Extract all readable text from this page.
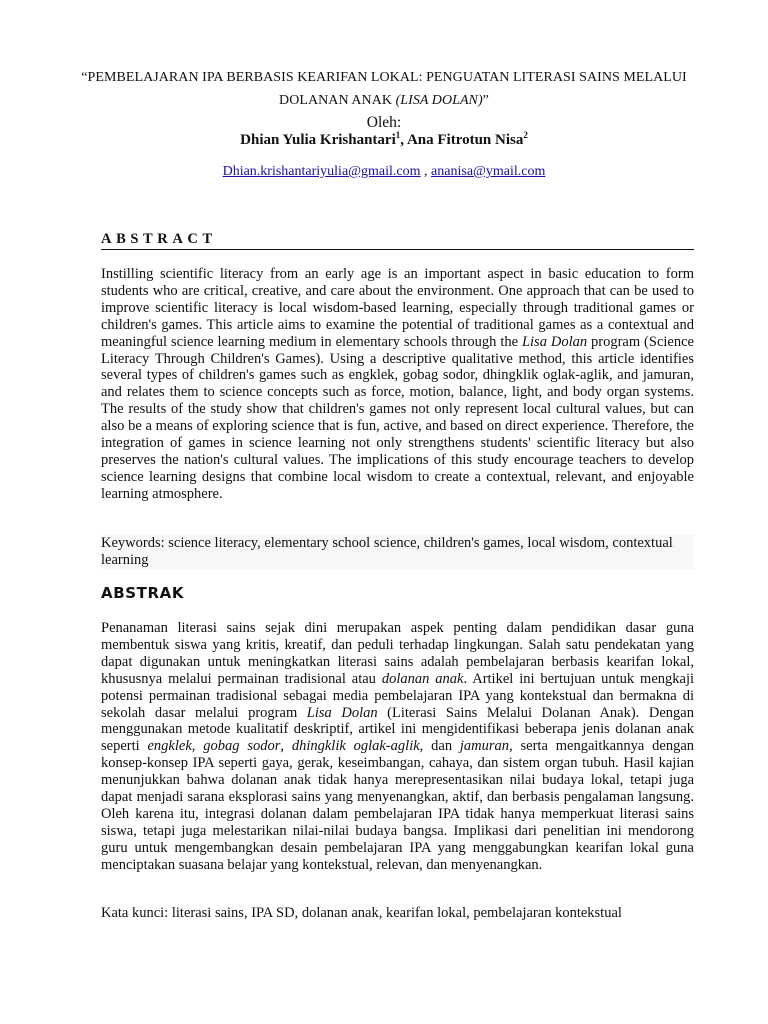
“PEMBELAJARAN IPA BERBASIS KEARIFAN LOKAL: PENGUATAN LITERASI SAINS MELALUI
DOLANAN ANAK (LISA DOLAN)”
Oleh:
Dhian Yulia Krishantari$^1$, Ana Fitrotun Nisa$^2$
Dhian.krishantariyulia@gmail.com , ananisa@ymail.com
ABSTRACT
Instilling scientific literacy from an early age is an important aspect in basic education to form students who are critical, creative, and care about the environment. One approach that can be used to improve scientific literacy is local wisdom-based learning, especially through traditional games or children's games. This article aims to examine the potential of traditional games as a contextual and meaningful science learning medium in elementary schools through the Lisa Dolan program (Science Literacy Through Children's Games). Using a descriptive qualitative method, this article identifies several types of children's games such as engklek, gobag sodor, dhingklik oglak-aglik, and jamuran, and relates them to science concepts such as force, motion, balance, light, and body organ systems. The results of the study show that children's games not only represent local cultural values, but can also be a means of exploring science that is fun, active, and based on direct experience. Therefore, the integration of games in science learning not only strengthens students' scientific literacy but also preserves the nation's cultural values. The implications of this study encourage teachers to develop science learning designs that combine local wisdom to create a contextual, relevant, and enjoyable learning atmosphere.
Keywords: science literacy, elementary school science, children's games, local wisdom, contextual learning
ABSTRAK
Penanaman literasi sains sejak dini merupakan aspek penting dalam pendidikan dasar guna membentuk siswa yang kritis, kreatif, dan peduli terhadap lingkungan. Salah satu pendekatan yang dapat digunakan untuk meningkatkan literasi sains adalah pembelajaran berbasis kearifan lokal, khususnya melalui permainan tradisional atau dolanan anak. Artikel ini bertujuan untuk mengkaji potensi permainan tradisional sebagai media pembelajaran IPA yang kontekstual dan bermakna di sekolah dasar melalui program Lisa Dolan (Literasi Sains Melalui Dolanan Anak). Dengan menggunakan metode kualitatif deskriptif, artikel ini mengidentifikasi beberapa jenis dolanan anak seperti engklek, gobag sodor, dhingklik oglak-aglik, dan jamuran, serta mengaitkannya dengan konsep-konsep IPA seperti gaya, gerak, keseimbangan, cahaya, dan sistem organ tubuh. Hasil kajian menunjukkan bahwa dolanan anak tidak hanya merepresentasikan nilai budaya lokal, tetapi juga dapat menjadi sarana eksplorasi sains yang menyenangkan, aktif, dan berbasis pengalaman langsung. Oleh karena itu, integrasi dolanan dalam pembelajaran IPA tidak hanya memperkuat literasi sains siswa, tetapi juga melestarikan nilai-nilai budaya bangsa. Implikasi dari penelitian ini mendorong guru untuk mengembangkan desain pembelajaran IPA yang menggabungkan kearifan lokal guna menciptakan suasana belajar yang kontekstual, relevan, dan menyenangkan.
Kata kunci: literasi sains, IPA SD, dolanan anak, kearifan lokal, pembelajaran kontekstual
